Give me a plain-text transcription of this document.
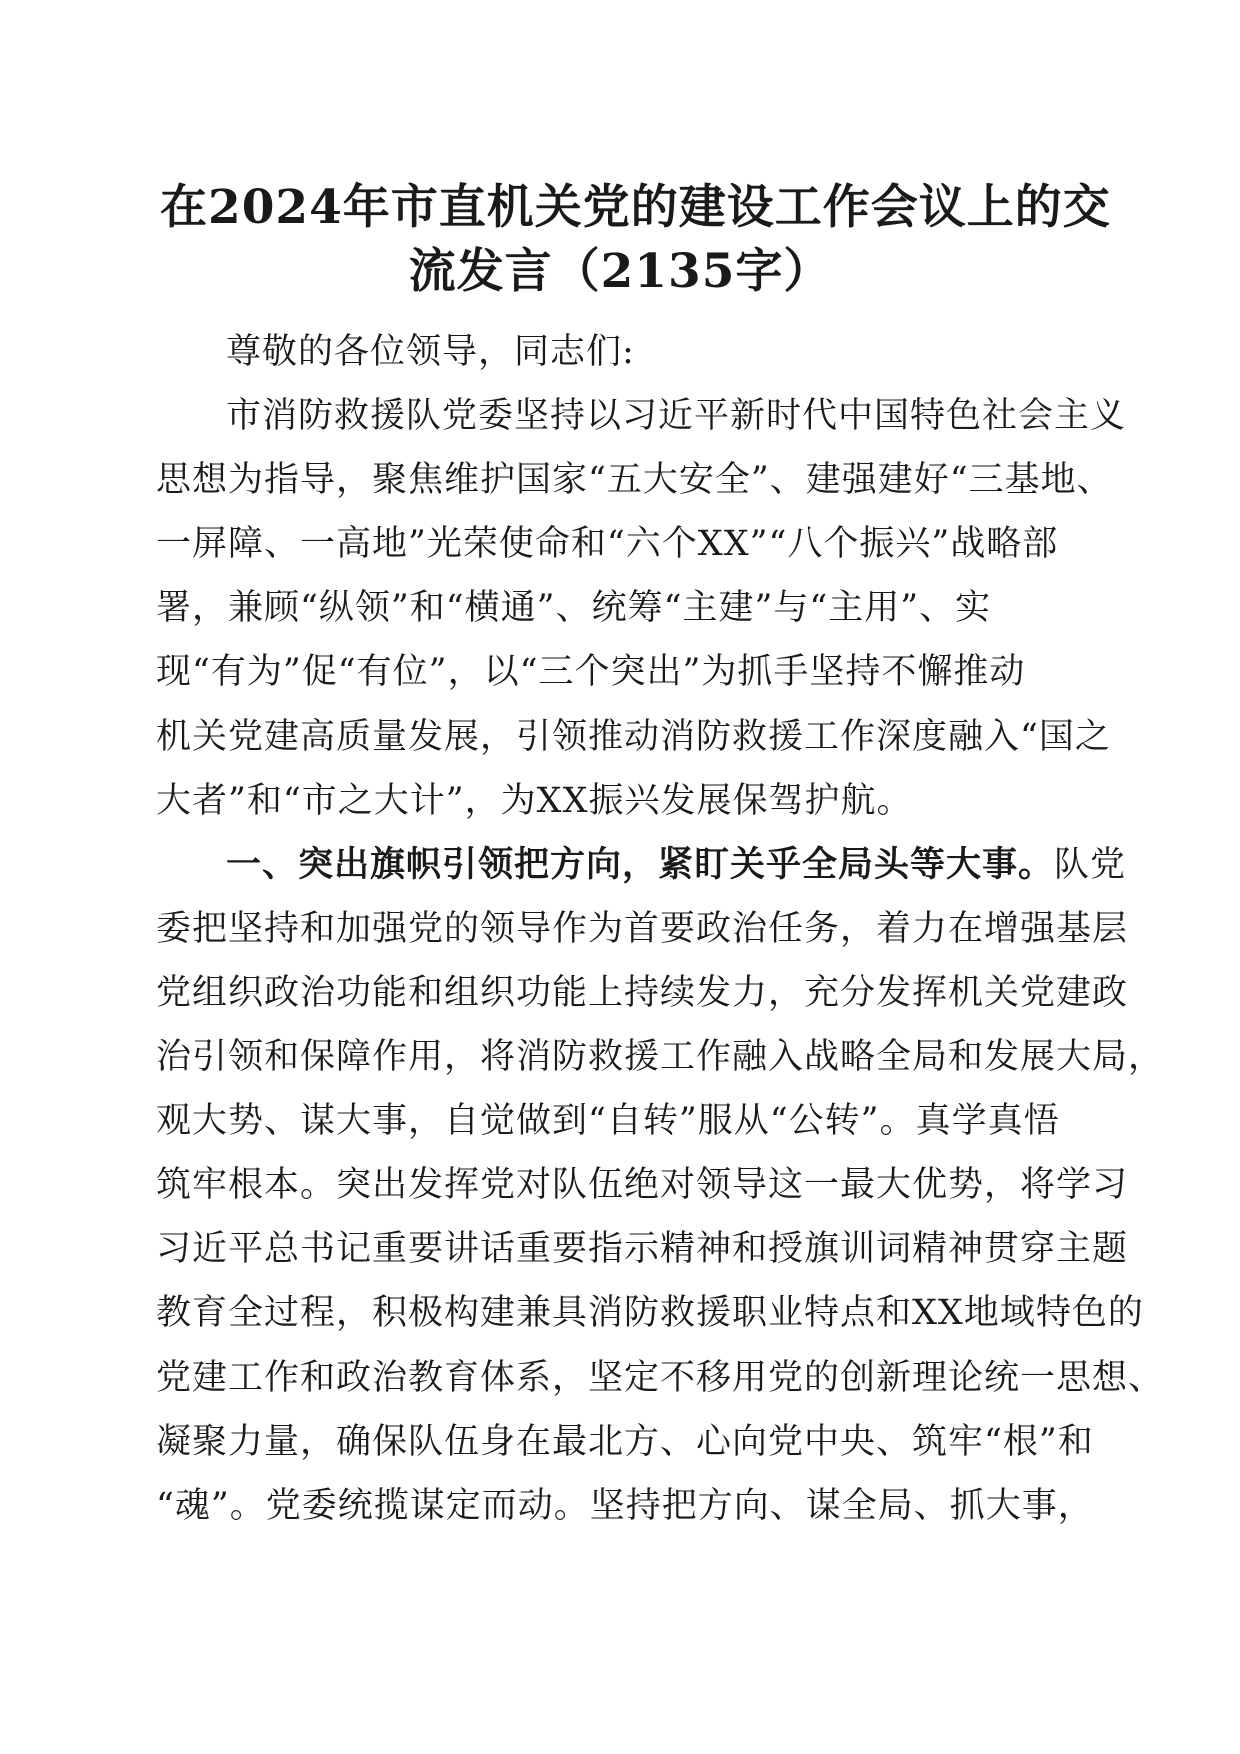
在2024年市直机关党的建设工作会议上的交
流发言（2135字）
尊敬的各位领导，同志们:
市消防救援队党委坚持以习近平新时代中国特色社会主义
思想为指导，聚焦维护国家“五大安全”、建强建好“三基地、
一屏障、一高地”光荣使命和“六个XX”“八个振兴”战略部
署，兼顾“纵领”和“横通”、统筹“主建”与“主用”、实
现“有为”促“有位”，以“三个突出”为抓手坚持不懈推动
机关党建高质量发展，引领推动消防救援工作深度融入“国之
大者”和“市之大计”，为XX振兴发展保驾护航。
一、突出旗帜引领把方向，紧盯关乎全局头等大事。队党
委把坚持和加强党的领导作为首要政治任务，着力在增强基层
党组织政治功能和组织功能上持续发力，充分发挥机关党建政
治引领和保障作用，将消防救援工作融入战略全局和发展大局，
观大势、谋大事，自觉做到“自转”服从“公转”。真学真悟
筑牢根本。突出发挥党对队伍绝对领导这一最大优势，将学习
习近平总书记重要讲话重要指示精神和授旗训词精神贯穿主题
教育全过程，积极构建兼具消防救援职业特点和XX地域特色的
党建工作和政治教育体系，坚定不移用党的创新理论统一思想、
凝聚力量，确保队伍身在最北方、心向党中央、筑牢“根”和
“魂”。党委统揽谋定而动。坚持把方向、谋全局、抓大事，
